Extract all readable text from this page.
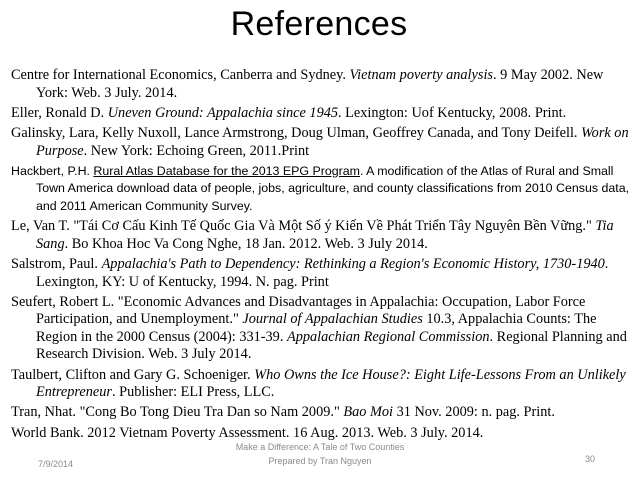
References

Centre for International Economics, Canberra and Sydney. Vietnam poverty analysis. 9 May 2002. New York: Web. 3 July. 2014.

Eller, Ronald D. Uneven Ground: Appalachia since 1945. Lexington: Uof Kentucky, 2008. Print.

Galinsky, Lara, Kelly Nuxoll, Lance Armstrong, Doug Ulman, Geoffrey Canada, and Tony Deifell. Work on Purpose. New York: Echoing Green, 2011.Print

Hackbert, P.H. Rural Atlas Database for the 2013 EPG Program. A modification of the Atlas of Rural and Small Town America download data of people, jobs, agriculture, and county classifications from 2010 Census data, and 2011 American Community Survey.

Le, Van T. "Tái Cơ Cấu Kinh Tế Quốc Gia Và Một Số ý Kiến Về Phát Triển Tây Nguyên Bền Vững." Tia Sang. Bo Khoa Hoc Va Cong Nghe, 18 Jan. 2012. Web. 3 July 2014.

Salstrom, Paul. Appalachia's Path to Dependency: Rethinking a Region's Economic History, 1730-1940. Lexington, KY: U of Kentucky, 1994. N. pag. Print

Seufert, Robert L. "Economic Advances and Disadvantages in Appalachia: Occupation, Labor Force Participation, and Unemployment." Journal of Appalachian Studies 10.3, Appalachia Counts: The Region in the 2000 Census (2004): 331-39. Appalachian Regional Commission. Regional Planning and Research Division. Web. 3 July 2014.

Taulbert, Clifton and Gary G. Schoeniger. Who Owns the Ice House?: Eight Life-Lessons From an Unlikely Entrepreneur. Publisher: ELI Press, LLC.

Tran, Nhat. "Cong Bo Tong Dieu Tra Dan so Nam 2009." Bao Moi 31 Nov. 2009: n. pag. Print.

World Bank. 2012 Vietnam Poverty Assessment. 16 Aug. 2013. Web. 3 July. 2014.

7/9/2014
Make a Difference: A Tale of Two Counties
Prepared by Tran Nguyen	30
